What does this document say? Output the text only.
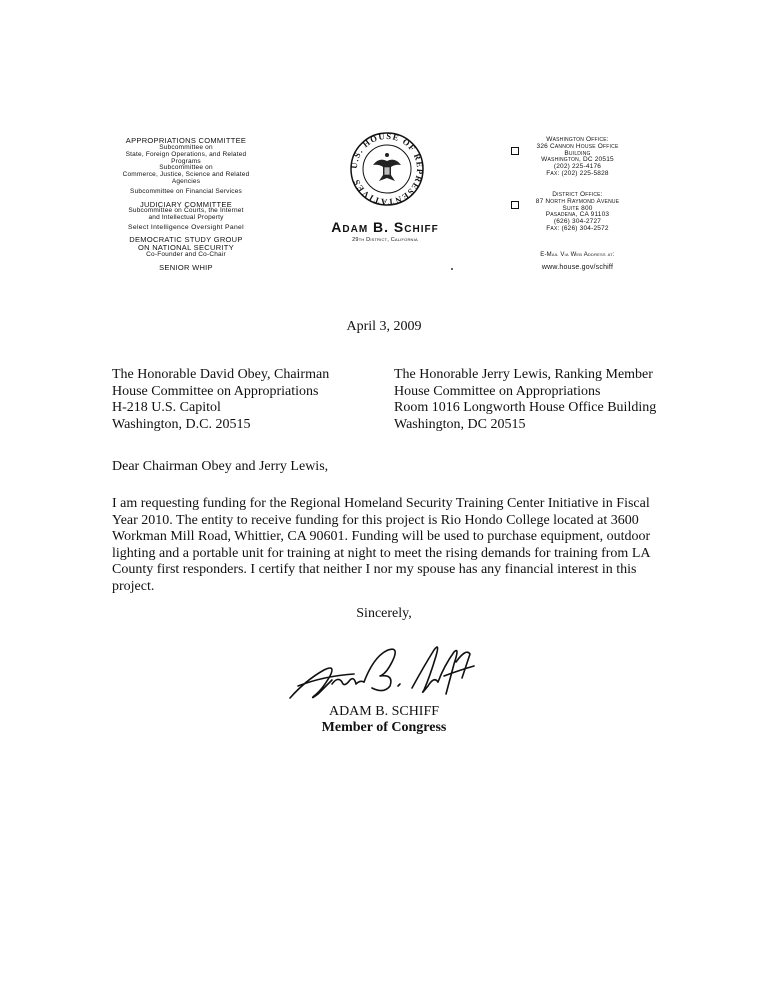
APPROPRIATIONS COMMITTEE
Subcommittee on
State, Foreign Operations, and Related
Programs
Subcommittee on
Commerce, Justice, Science and Related
Agencies
Subcommittee on Financial Services
JUDICIARY COMMITTEE
Subcommittee on Courts, the Internet
and Intellectual Property
Select Intelligence Oversight Panel
DEMOCRATIC STUDY GROUP
ON NATIONAL SECURITY
Co-Founder and Co-Chair
SENIOR WHIP
U.S. HOUSE OF REPRESENTATIVES
Adam B. Schiff
29th District, California
Washington Office:
326 Cannon House Office Building
Washington, DC 20515
(202) 225-4176
Fax: (202) 225-5828
District Office:
87 North Raymond Avenue
Suite 800
Pasadena, CA 91103
(626) 304-2727
Fax: (626) 304-2572
E-Mail Via Web Address at:
www.house.gov/schiff
April 3, 2009
The Honorable David Obey, Chairman
House Committee on Appropriations
H-218 U.S. Capitol
Washington, D.C. 20515
The Honorable Jerry Lewis, Ranking Member
House Committee on Appropriations
Room 1016 Longworth House Office Building
Washington, DC 20515
Dear Chairman Obey and Jerry Lewis,
I am requesting funding for the Regional Homeland Security Training Center Initiative in Fiscal
Year 2010. The entity to receive funding for this project is Rio Hondo College located at 3600
Workman Mill Road, Whittier, CA 90601. Funding will be used to purchase equipment, outdoor
lighting and a portable unit for training at night to meet the rising demands for training from LA
County first responders. I certify that neither I nor my spouse has any financial interest in this
project.
Sincerely,
ADAM B. SCHIFF
Member of Congress
